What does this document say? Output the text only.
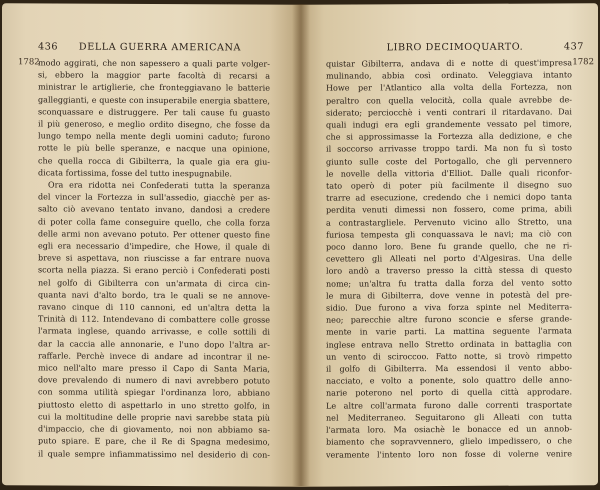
436	DELLA GUERRA AMERICANA
1782
modo aggirati, che non sapessero a quali parte volger-
si, ebbero la maggior parte facoltà di recarsi a
ministrar le artiglierie, che fronteggiavano le batterie
galleggianti, e queste con insuperabile energia sbattere,
sconquassare e distruggere. Per tali cause fu guasto
il più generoso, e meglio ordito disegno, che fosse da
lungo tempo nella mente degli uomini caduto; furono
rotte le più belle speranze, e nacque una opinione,
che quella rocca di Gibilterra, la quale gia era giu-
dicata fortissima, fosse del tutto inespugnabile.
Ora era ridotta nei Confederati tutta la speranza
del vincer la Fortezza in sull'assedio, giacchè per as-
salto ciò avevano tentato invano, dandosi a credere
di poter colla fame conseguire quello, che colla forza
delle armi non avevano potuto. Per ottener questo fine
egli era necessario d'impedire, che Howe, il quale di
breve si aspettava, non riuscisse a far entrare nuova
scorta nella piazza. Si erano perciò i Confederati posti
nel golfo di Gibilterra con un'armata di circa cin-
quanta navi d'alto bordo, tra le quali se ne annove-
ravano cinque di 110 cannoni, ed un'altra detta la
Trinità di 112. Intendevano di combattere colle grosse
l'armata inglese, quando arrivasse, e colle sottili di
dar la caccia alle annonarie, e l'uno dopo l'altra ar-
raffarle. Perchè invece di andare ad incontrar il ne-
mico nell'alto mare presso il Capo di Santa Maria,
dove prevalendo di numero di navi avrebbero potuto
con somma utilità spiegar l'ordinanza loro, abbiano
piuttosto eletto di aspettarlo in uno stretto golfo, in
cui la moltitudine delle proprie navi sarebbe stata più
d'impaccio, che di giovamento, noi non abbiamo sa-
puto spiare. E pare, che il Re di Spagna medesimo,
il quale sempre infiammatissimo nel desiderio di con-
LIBRO DECIMOQUARTO.	437
1782
quistar Gibilterra, andava di e notte di quest'impresa
mulinando, abbia così ordinato. Veleggiava intanto
Howe per l'Atlantico alla volta della Fortezza, non
peraltro con quella velocità, colla quale avrebbe de-
siderato; perciocchè i venti contrari il ritardavano. Dai
quali indugi era egli grandemente vessato pel timore,
che si approssimasse la Fortezza alla dedizione, e che
il soccorso arrivasse troppo tardi. Ma non fu sì tosto
giunto sulle coste del Portogallo, che gli pervennero
le novelle della vittoria d'Elliot. Dalle quali riconfor-
tato operò di poter più facilmente il disegno suo
trarre ad esecuzione, credendo che i nemici dopo tanta
perdita venuti dimessi non fossero, come prima, abili
a contrastargliele. Pervenuto vicino allo Stretto, una
furiosa tempesta gli conquassava le navi; ma ciò con
poco danno loro. Bene fu grande quello, che ne ri-
cevettero gli Alleati nel porto d'Algesiras. Una delle
loro andò a traverso presso la città stessa di questo
nome; un'altra fu tratta dalla forza del vento sotto
le mura di Gibilterra, dove venne in potestà del pre-
sidio. Due furono a viva forza spinte nel Mediterra-
neo; parecchie altre furono sconcie e sferse grande-
mente in varie parti. La mattina seguente l'armata
inglese entrava nello Stretto ordinata in battaglia con
un vento di sciroccoo. Fatto notte, si trovò rimpetto
il golfo di Gibilterra. Ma essendosi il vento abbo-
nacciato, e volto a ponente, solo quattro delle anno-
narie poterono nel porto di quella città approdare.
Le altre coll'armata furono dalle correnti trasportate
nel Mediterraneo. Seguitarono gli Alleati con tutta
l'armata loro. Ma osiachè le bonacce ed un annob-
biamento che sopravvennero, glielo impedissero, o che
veramente l'intento loro non fosse di volerne venire
